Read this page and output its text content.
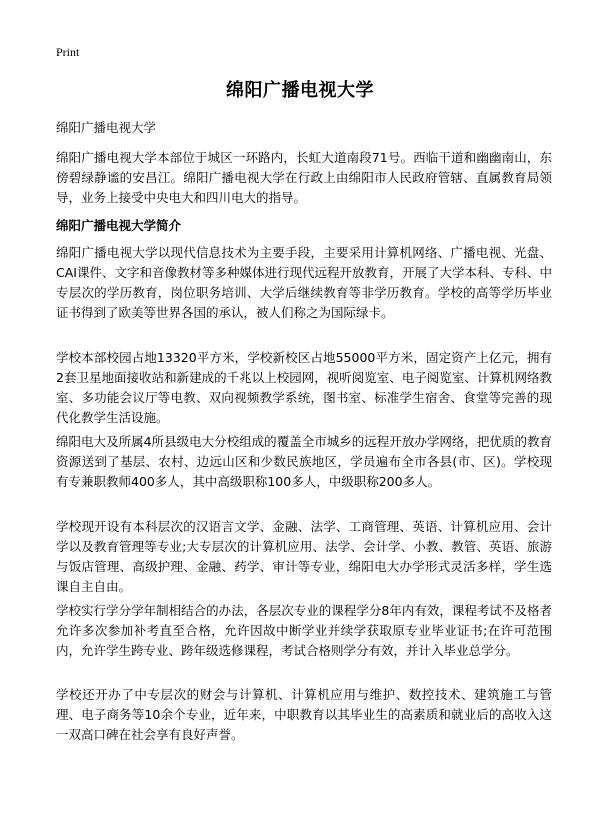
Print
绵阳广播电视大学
绵阳广播电视大学

绵阳广播电视大学本部位于城区一环路内，长虹大道南段71号。西临干道和幽幽南山，东傍碧绿静谧的安昌江。绵阳广播电视大学在行政上由绵阳市人民政府管辖、直属教育局领导，业务上接受中央电大和四川电大的指导。

绵阳广播电视大学简介

绵阳广播电视大学以现代信息技术为主要手段，主要采用计算机网络、广播电视、光盘、CAI课件、文字和音像教材等多种媒体进行现代远程开放教育，开展了大学本科、专科、中专层次的学历教育，岗位职务培训、大学后继续教育等非学历教育。学校的高等学历毕业证书得到了欧美等世界各国的承认，被人们称之为国际绿卡。

学校本部校园占地13320平方米，学校新校区占地55000平方米，固定资产上亿元，拥有2套卫星地面接收站和新建成的千兆以上校园网，视听阅览室、电子阅览室、计算机网络教室、多功能会议厅等电教、双向视频教学系统，图书室、标准学生宿舍、食堂等完善的现代化教学生活设施。

绵阳电大及所属4所县级电大分校组成的覆盖全市城乡的远程开放办学网络，把优质的教育资源送到了基层、农村、边远山区和少数民族地区，学员遍布全市各县(市、区)。学校现有专兼职教师400多人，其中高级职称100多人，中级职称200多人。

学校现开设有本科层次的汉语言文学、金融、法学、工商管理、英语、计算机应用、会计学以及教育管理等专业;大专层次的计算机应用、法学、会计学、小教、教管、英语、旅游与饭店管理、高级护理、金融、药学、审计等专业，绵阳电大办学形式灵活多样，学生选课自主自由。

学校实行学分学年制相结合的办法，各层次专业的课程学分8年内有效，课程考试不及格者允许多次参加补考直至合格，允许因故中断学业并续学获取原专业毕业证书;在许可范围内，允许学生跨专业、跨年级选修课程，考试合格则学分有效，并计入毕业总学分。

学校还开办了中专层次的财会与计算机、计算机应用与维护、数控技术、建筑施工与管理、电子商务等10余个专业，近年来，中职教育以其毕业生的高素质和就业后的高收入这一双高口碑在社会享有良好声誉。
